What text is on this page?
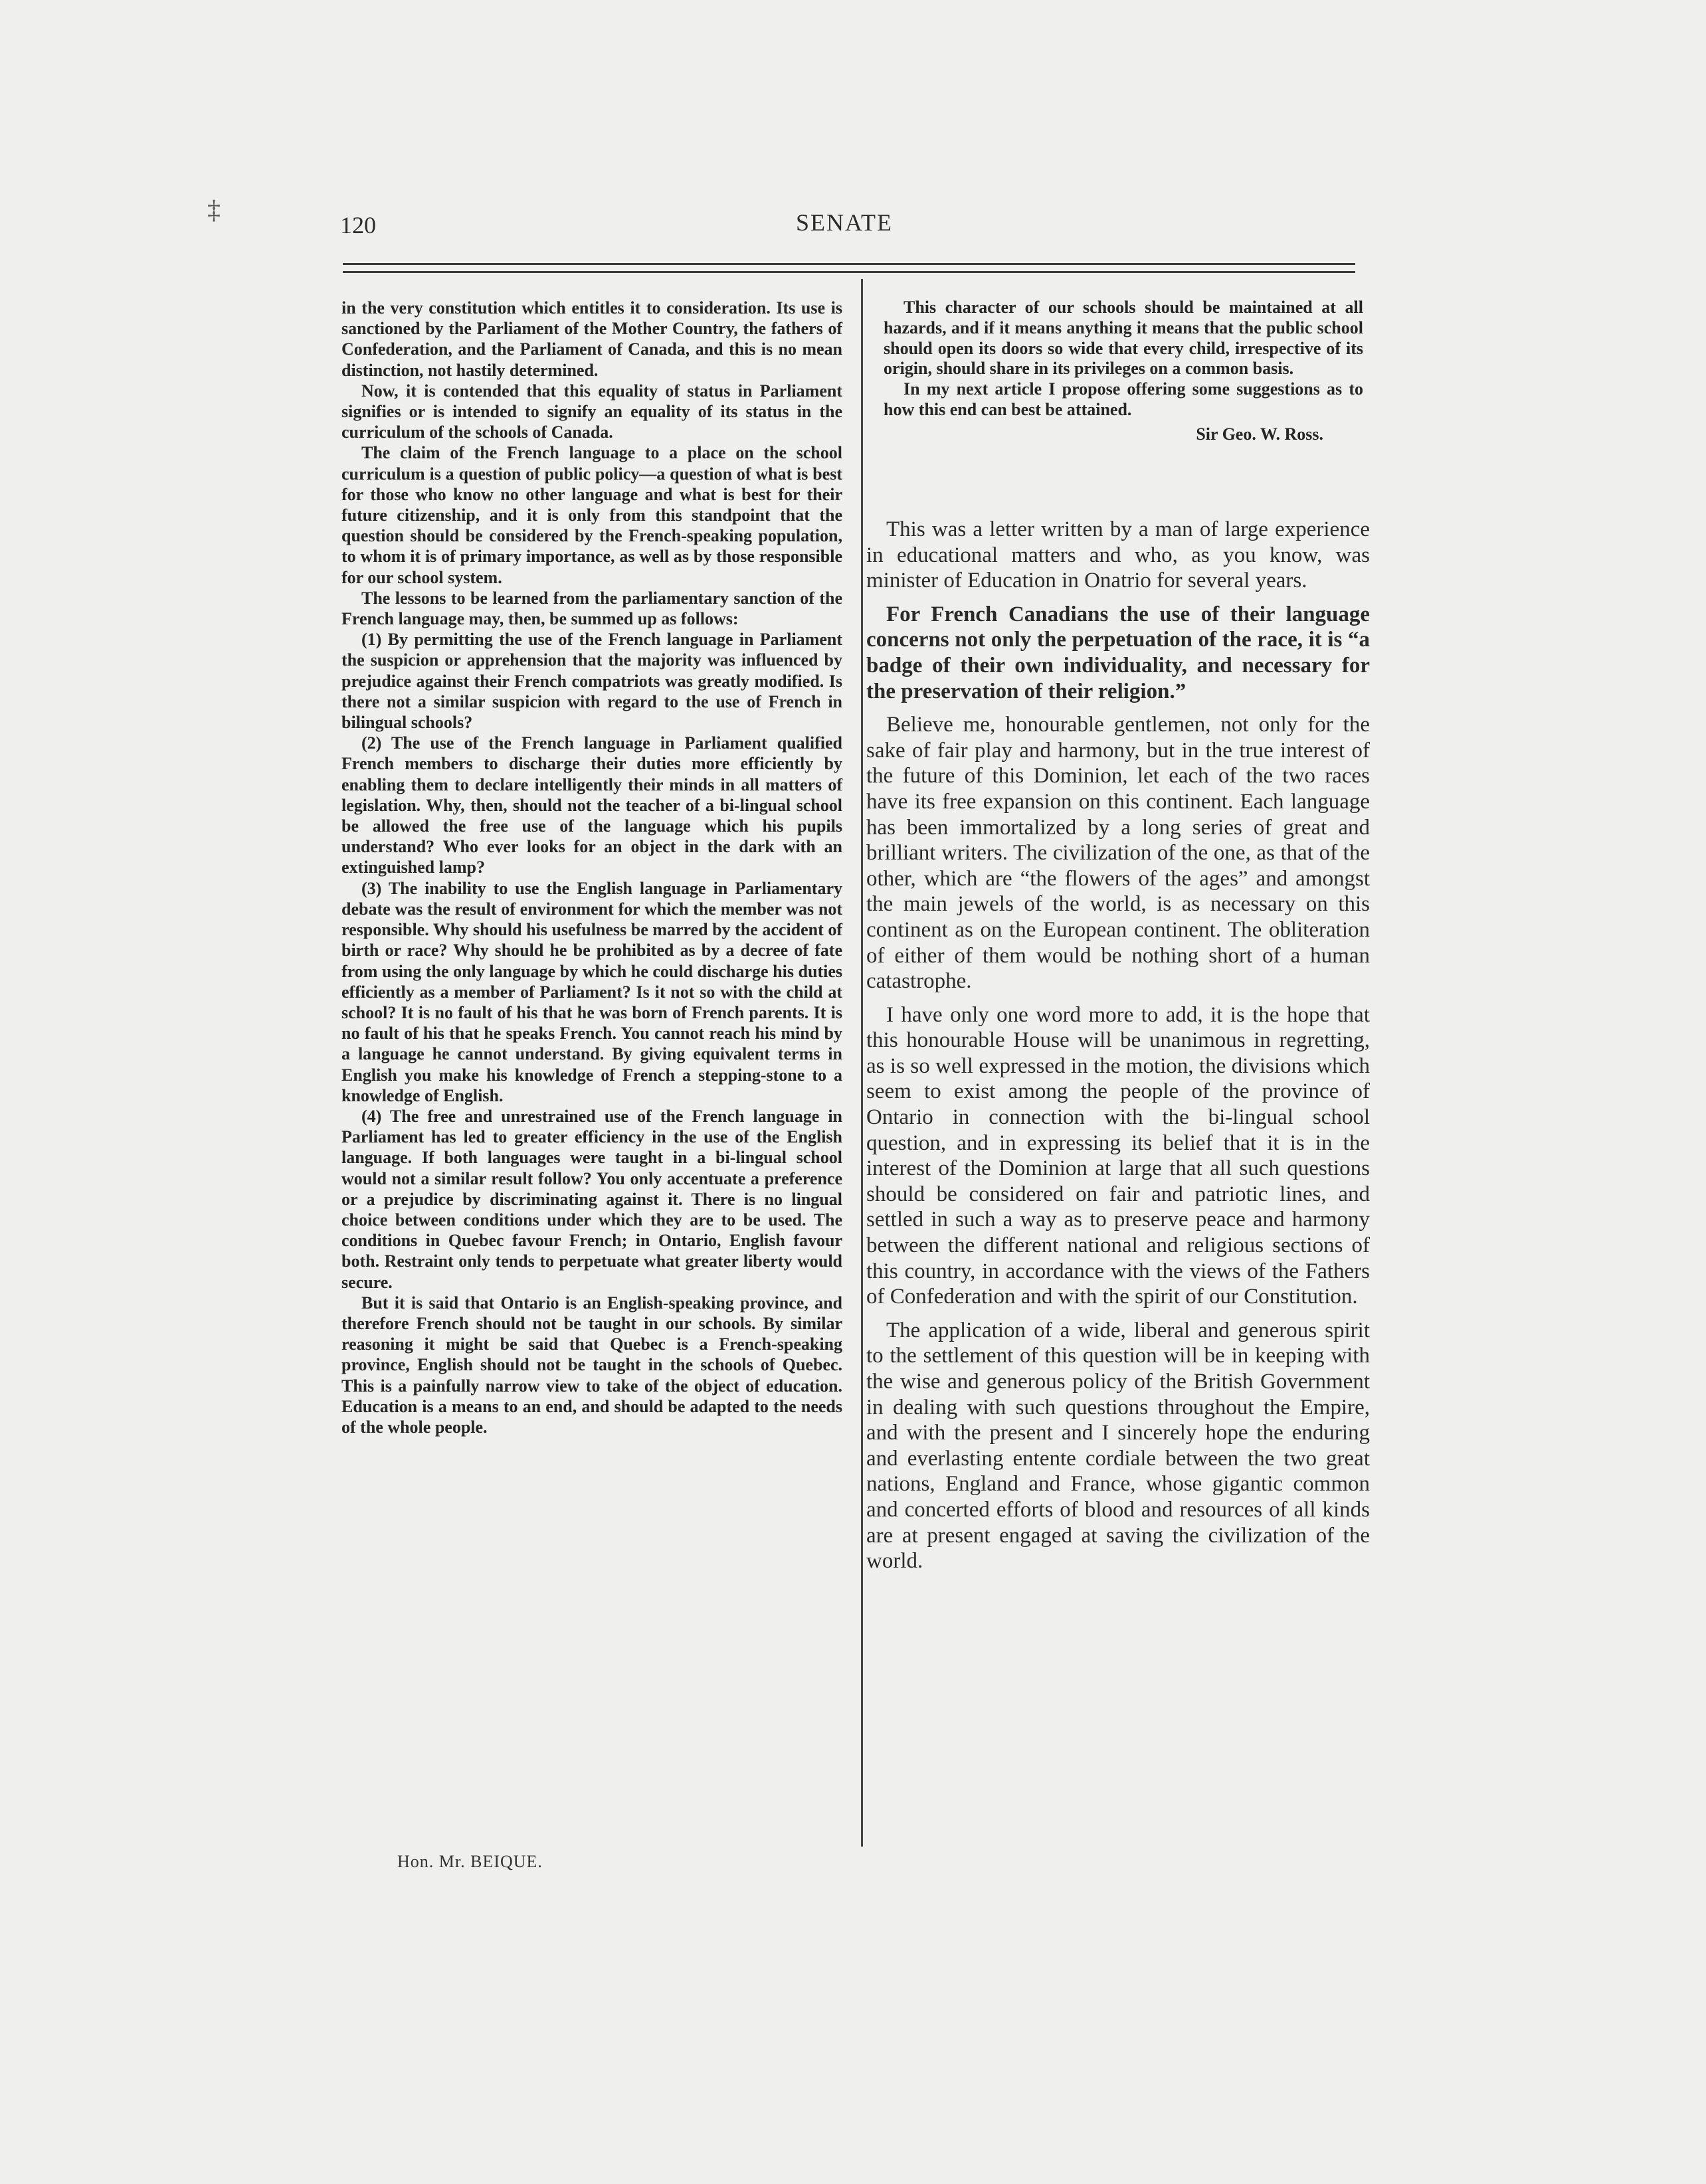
‡
120	SENATE

in the very constitution which entitles it to consideration. Its use is sanctioned by the Parliament of the Mother Country, the fathers of Confederation, and the Parliament of Canada, and this is no mean distinction, not hastily determined.

Now, it is contended that this equality of status in Parliament signifies or is intended to signify an equality of its status in the curriculum of the schools of Canada.

The claim of the French language to a place on the school curriculum is a question of public policy—a question of what is best for those who know no other language and what is best for their future citizenship, and it is only from this standpoint that the question should be considered by the French-speaking population, to whom it is of primary importance, as well as by those responsible for our school system.

The lessons to be learned from the parliamentary sanction of the French language may, then, be summed up as follows:

(1) By permitting the use of the French language in Parliament the suspicion or apprehension that the majority was influenced by prejudice against their French compatriots was greatly modified. Is there not a similar suspicion with regard to the use of French in bilingual schools?

(2) The use of the French language in Parliament qualified French members to discharge their duties more efficiently by enabling them to declare intelligently their minds in all matters of legislation. Why, then, should not the teacher of a bi-lingual school be allowed the free use of the language which his pupils understand? Who ever looks for an object in the dark with an extinguished lamp?

(3) The inability to use the English language in Parliamentary debate was the result of environment for which the member was not responsible. Why should his usefulness be marred by the accident of birth or race? Why should he be prohibited as by a decree of fate from using the only language by which he could discharge his duties efficiently as a member of Parliament? Is it not so with the child at school? It is no fault of his that he was born of French parents. It is no fault of his that he speaks French. You cannot reach his mind by a language he cannot understand. By giving equivalent terms in English you make his knowledge of French a stepping-stone to a knowledge of English.

(4) The free and unrestrained use of the French language in Parliament has led to greater efficiency in the use of the English language. If both languages were taught in a bi-lingual school would not a similar result follow? You only accentuate a preference or a prejudice by discriminating against it. There is no lingual choice between conditions under which they are to be used. The conditions in Quebec favour French; in Ontario, English favour both. Restraint only tends to perpetuate what greater liberty would secure.

But it is said that Ontario is an English-speaking province, and therefore French should not be taught in our schools. By similar reasoning it might be said that Quebec is a French-speaking province, English should not be taught in the schools of Quebec. This is a painfully narrow view to take of the object of education. Education is a means to an end, and should be adapted to the needs of the whole people.

This character of our schools should be maintained at all hazards, and if it means anything it means that the public school should open its doors so wide that every child, irrespective of its origin, should share in its privileges on a common basis.

In my next article I propose offering some suggestions as to how this end can best be attained.

Sir Geo. W. Ross.

This was a letter written by a man of large experience in educational matters and who, as you know, was minister of Education in Onatrio for several years.

For French Canadians the use of their language concerns not only the perpetuation of the race, it is “a badge of their own individuality, and necessary for the preservation of their religion.”

Believe me, honourable gentlemen, not only for the sake of fair play and harmony, but in the true interest of the future of this Dominion, let each of the two races have its free expansion on this continent. Each language has been immortalized by a long series of great and brilliant writers. The civilization of the one, as that of the other, which are “the flowers of the ages” and amongst the main jewels of the world, is as necessary on this continent as on the European continent. The obliteration of either of them would be nothing short of a human catastrophe.

I have only one word more to add, it is the hope that this honourable House will be unanimous in regretting, as is so well expressed in the motion, the divisions which seem to exist among the people of the province of Ontario in connection with the bi-lingual school question, and in expressing its belief that it is in the interest of the Dominion at large that all such questions should be considered on fair and patriotic lines, and settled in such a way as to preserve peace and harmony between the different national and religious sections of this country, in accordance with the views of the Fathers of Confederation and with the spirit of our Constitution.

The application of a wide, liberal and generous spirit to the settlement of this question will be in keeping with the wise and generous policy of the British Government in dealing with such questions throughout the Empire, and with the present and I sincerely hope the enduring and everlasting entente cordiale between the two great nations, England and France, whose gigantic common and concerted efforts of blood and resources of all kinds are at present engaged at saving the civilization of the world.

Hon. Mr. BEIQUE.
